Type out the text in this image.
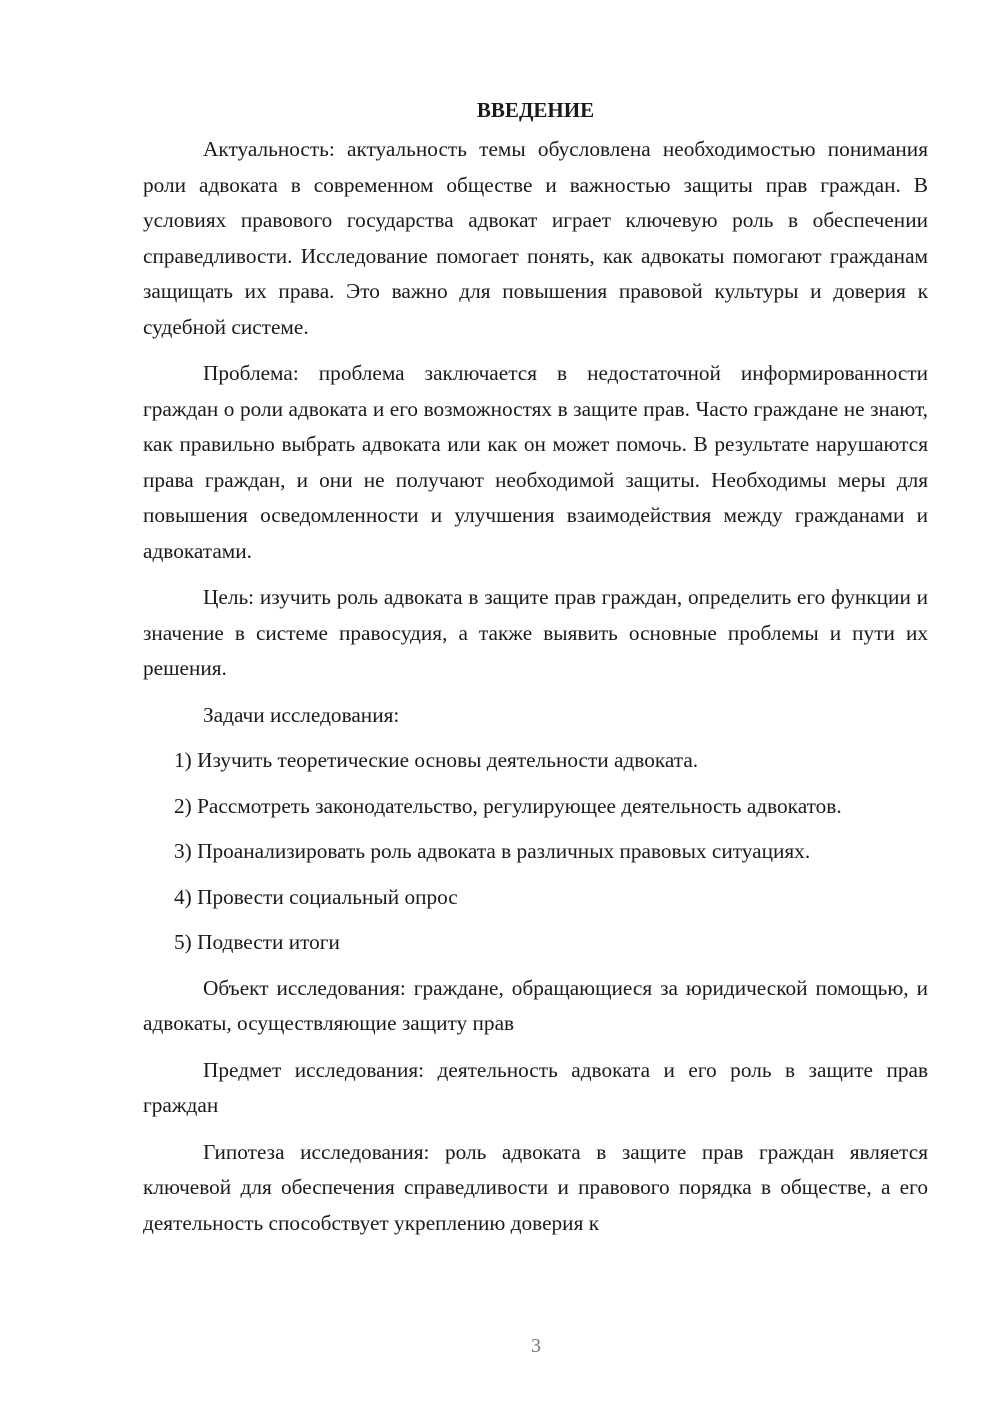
ВВЕДЕНИЕ

Актуальность: актуальность темы обусловлена необходимостью понимания роли адвоката в современном обществе и важностью защиты прав граждан. В условиях правового государства адвокат играет ключевую роль в обеспечении справедливости. Исследование помогает понять, как адвокаты помогают гражданам защищать их права. Это важно для повышения правовой культуры и доверия к судебной системе.

Проблема: проблема заключается в недостаточной информированности граждан о роли адвоката и его возможностях в защите прав. Часто граждане не знают, как правильно выбрать адвоката или как он может помочь. В результате нарушаются права граждан, и они не получают необходимой защиты. Необходимы меры для повышения осведомленности и улучшения взаимодействия между гражданами и адвокатами.

Цель: изучить роль адвоката в защите прав граждан, определить его функции и значение в системе правосудия, а также выявить основные проблемы и пути их решения.

Задачи исследования:

1) Изучить теоретические основы деятельности адвоката.

2) Рассмотреть законодательство, регулирующее деятельность адвокатов.

3) Проанализировать роль адвоката в различных правовых ситуациях.

4) Провести социальный опрос

5) Подвести итоги

Объект исследования: граждане, обращающиеся за юридической помощью, и адвокаты, осуществляющие защиту прав

Предмет исследования: деятельность адвоката и его роль в защите прав граждан

Гипотеза исследования: роль адвоката в защите прав граждан является ключевой для обеспечения справедливости и правового порядка в обществе, а его деятельность способствует укреплению доверия к

3
